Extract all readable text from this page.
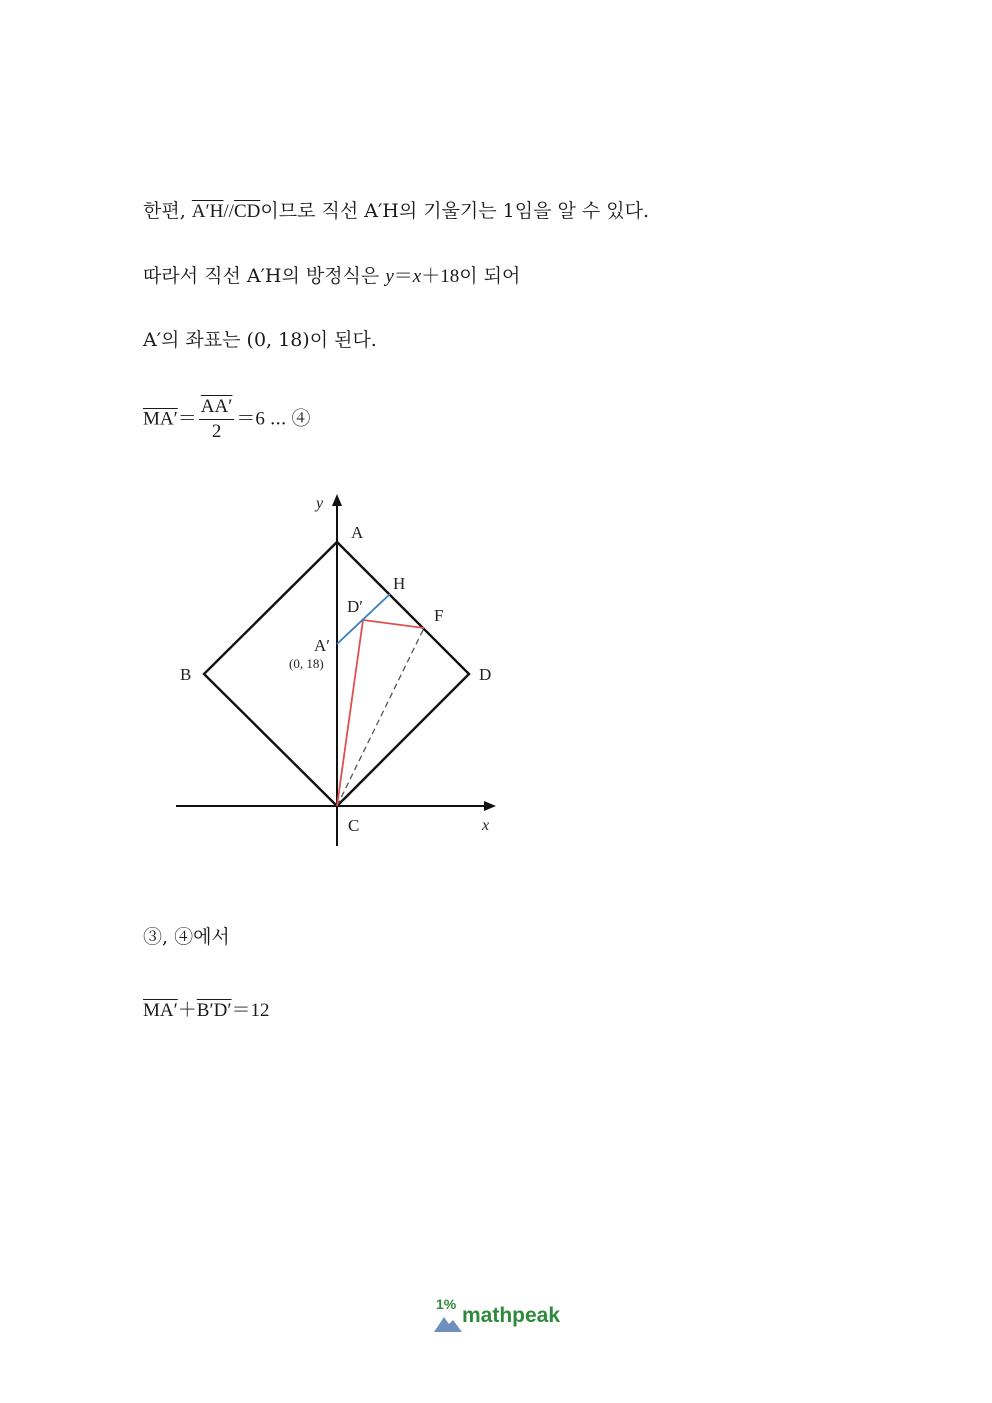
한편, $A'H//\overline{CD}$이므로 직선 A′H의 기울기는 1임을 알 수 있다.
따라서 직선 A′H의 방정식은 y＝x＋18이 되어
A′의 좌표는 (0, 18)이 된다.
$MA'= \frac{AA'}{2} =6$ ⋯ ④
y
x
A
H
D′	F
A′
(0, 18)
B	D
C
③, ④에서
MA′＋B′D′＝12
1% mathpeak
